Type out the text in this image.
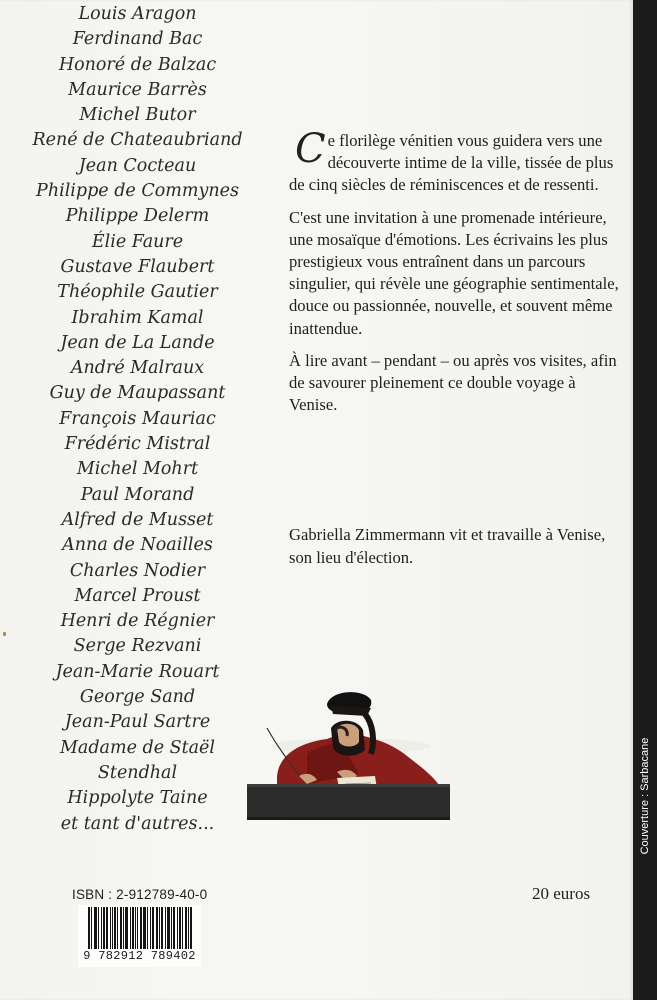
Louis Aragon
Ferdinand Bac
Honoré de Balzac
Maurice Barrès
Michel Butor
René de Chateaubriand
Jean Cocteau
Philippe de Commynes
Philippe Delerm
Élie Faure
Gustave Flaubert
Théophile Gautier
Ibrahim Kamal
Jean de La Lande
André Malraux
Guy de Maupassant
François Mauriac
Frédéric Mistral
Michel Mohrt
Paul Morand
Alfred de Musset
Anna de Noailles
Charles Nodier
Marcel Proust
Henri de Régnier
Serge Rezvani
Jean-Marie Rouart
George Sand
Jean-Paul Sartre
Madame de Staël
Stendhal
Hippolyte Taine
et tant d'autres...

Ce florilège vénitien vous guidera vers une découverte intime de la ville, tissée de plus de cinq siècles de réminiscences et de ressenti.

C'est une invitation à une promenade intérieure, une mosaïque d'émotions. Les écrivains les plus prestigieux vous entraînent dans un parcours singulier, qui révèle une géographie sentimentale, douce ou passionnée, nouvelle, et souvent même inattendue.

À lire avant – pendant – ou après vos visites, afin de savourer pleinement ce double voyage à Venise.

Gabriella Zimmermann vit et travaille à Venise, son lieu d'élection.

ISBN : 2-912789-40-0	20 euros
9 782912 789402
Couverture : Sarbacane
